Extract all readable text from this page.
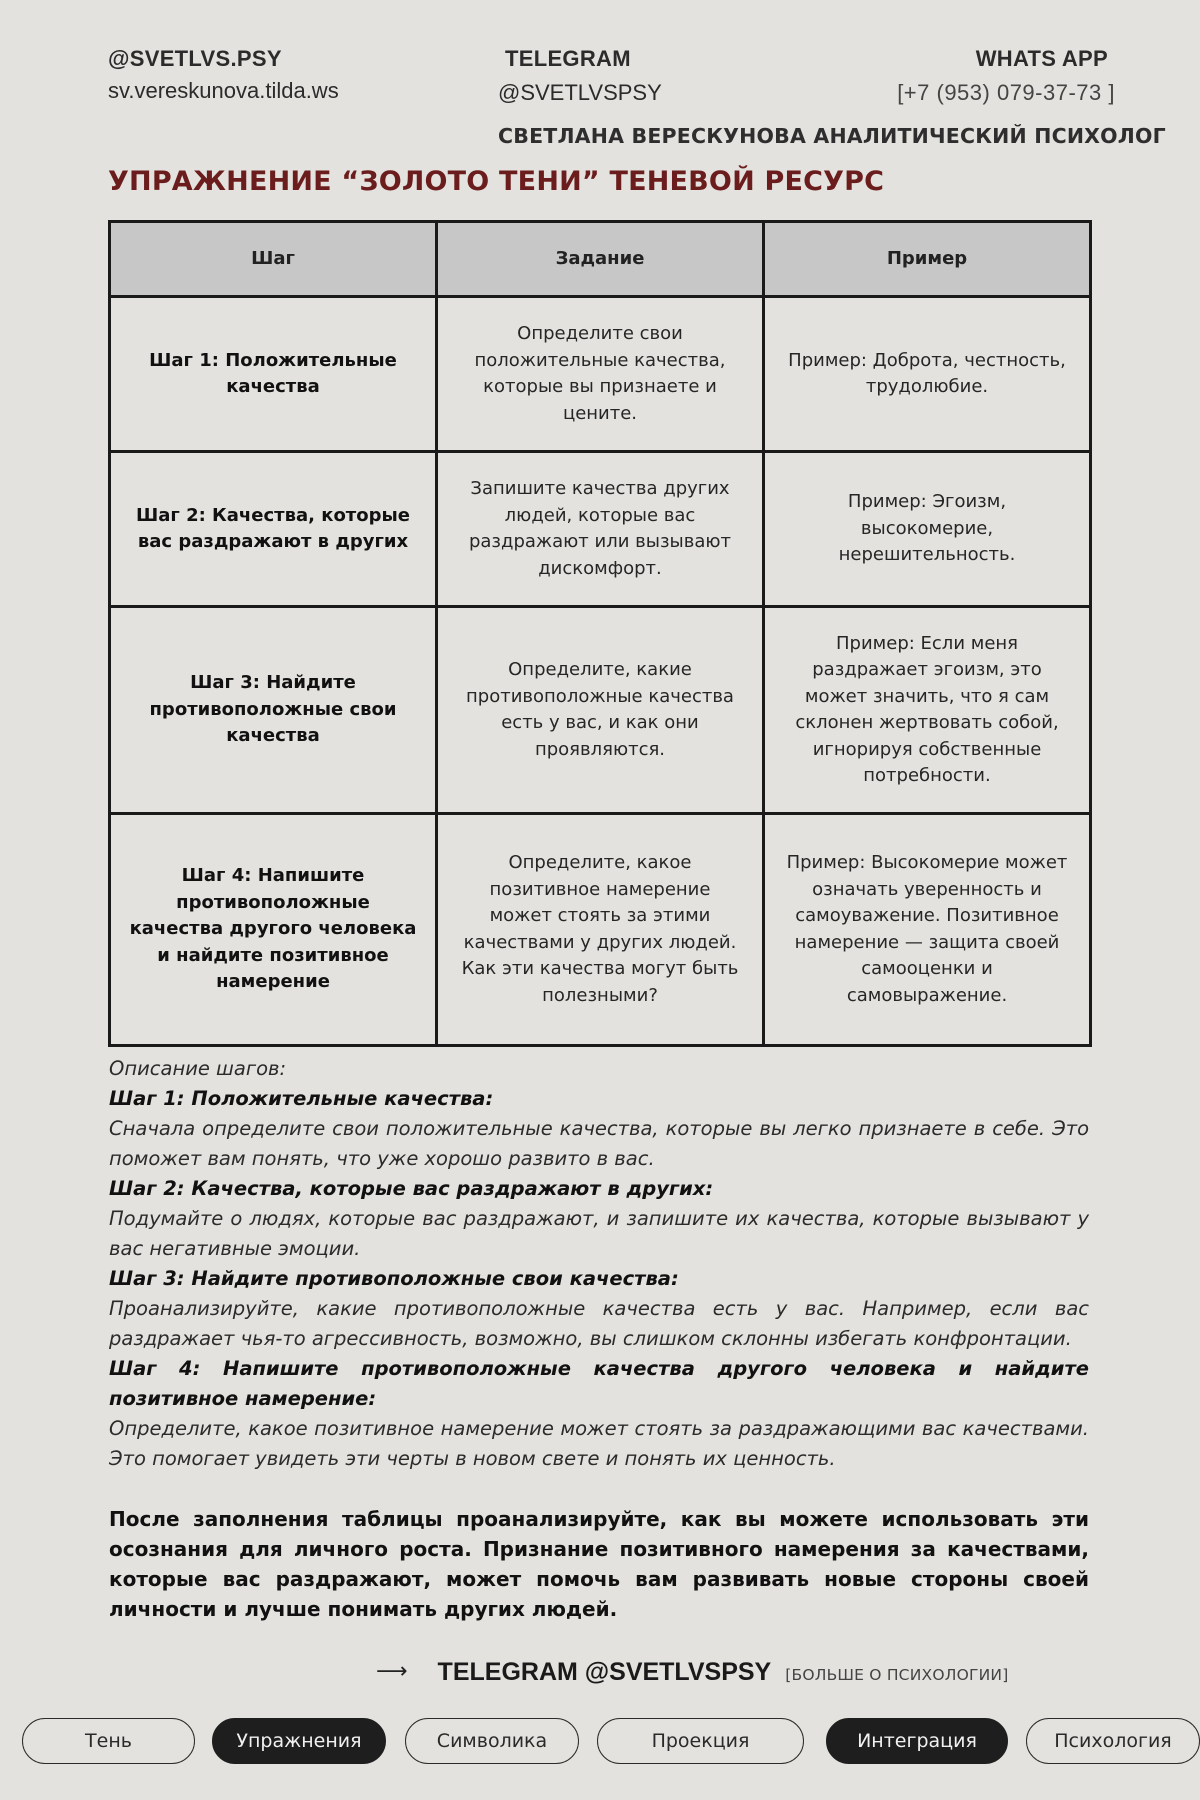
@SVETLVS.PSY
sv.vereskunova.tilda.ws
TELEGRAM
@SVETLVSPSY
WHATS APP
[+7 (953) 079-37-73 ]
СВЕТЛАНА ВЕРЕСКУНОВА АНАЛИТИЧЕСКИЙ ПСИХОЛОГ
УПРАЖНЕНИЕ “ЗОЛОТО ТЕНИ” ТЕНЕВОЙ РЕСУРС
Шаг	Задание	Пример
Шаг 1: Положительные качества	Определите свои положительные качества, которые вы признаете и цените.	Пример: Доброта, честность, трудолюбие.
Шаг 2: Качества, которые вас раздражают в других	Запишите качества других людей, которые вас раздражают или вызывают дискомфорт.	Пример: Эгоизм, высокомерие, нерешительность.
Шаг 3: Найдите противоположные свои качества	Определите, какие противоположные качества есть у вас, и как они проявляются.	Пример: Если меня раздражает эгоизм, это может значить, что я сам склонен жертвовать собой, игнорируя собственные потребности.
Шаг 4: Напишите противоположные качества другого человека и найдите позитивное намерение	Определите, какое позитивное намерение может стоять за этими качествами у других людей. Как эти качества могут быть полезными?	Пример: Высокомерие может означать уверенность и самоуважение. Позитивное намерение — защита своей самооценки и самовыражение.

Описание шагов:

Шаг 1: Положительные качества:

Сначала определите свои положительные качества, которые вы легко признаете в себе. Это поможет вам понять, что уже хорошо развито в вас.

Шаг 2: Качества, которые вас раздражают в других:

Подумайте о людях, которые вас раздражают, и запишите их качества, которые вызывают у вас негативные эмоции.

Шаг 3: Найдите противоположные свои качества:

Проанализируйте, какие противоположные качества есть у вас. Например, если вас раздражает чья-то агрессивность, возможно, вы слишком склонны избегать конфронтации.

Шаг 4: Напишите противоположные качества другого человека и найдите позитивное намерение:

Определите, какое позитивное намерение может стоять за раздражающими вас качествами. Это помогает увидеть эти черты в новом свете и понять их ценность.

После заполнения таблицы проанализируйте, как вы можете использовать эти осознания для личного роста. Признание позитивного намерения за качествами, которые вас раздражают, может помочь вам развивать новые стороны своей личности и лучше понимать других людей.

⟶ TELEGRAM @SVETLVSPSY [БОЛЬШЕ О ПСИХОЛОГИИ]
Тень	Упражнения	Символика	Проекция	Интеграция	Психология
